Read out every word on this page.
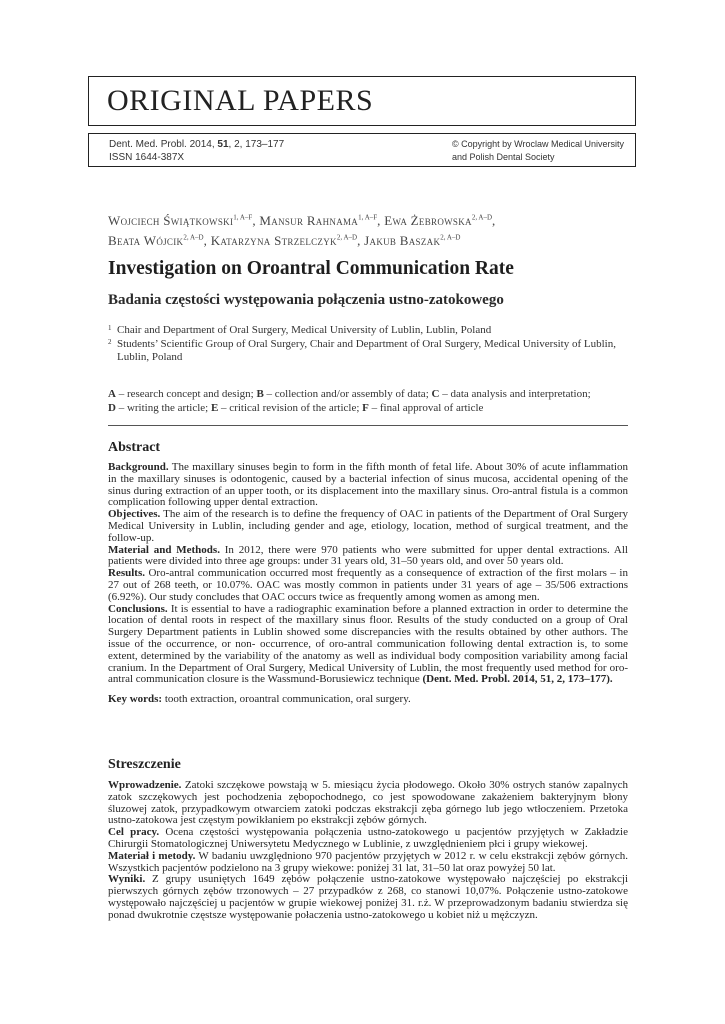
ORIGINAL PAPERS
Dent. Med. Probl. 2014, 51, 2, 173–177
ISSN 1644-387X
© Copyright by Wroclaw Medical University
and Polish Dental Society
Wojciech Świątkowski$^{1, A-F}$, Mansur Rahnama$^{1, A-F}$, Ewa Żebrowska$^{2, A-D}$,
Beata Wójcik$^{2, A-D}$, Katarzyna Strzelczyk$^{2, A-D}$, Jakub Baszak$^{2, A-D}$
Investigation on Oroantral Communication Rate
Badania częstości występowania połączenia ustno-zatokowego
1 Chair and Department of Oral Surgery, Medical University of Lublin, Lublin, Poland
2 Students’ Scientific Group of Oral Surgery, Chair and Department of Oral Surgery, Medical University of Lublin, Lublin, Poland
A – research concept and design; B – collection and/or assembly of data; C – data analysis and interpretation;
D – writing the article; E – critical revision of the article; F – final approval of article
Abstract

Background. The maxillary sinuses begin to form in the fifth month of fetal life. About 30% of acute inflammation in the maxillary sinuses is odontogenic, caused by a bacterial infection of sinus mucosa, accidental opening of the sinus during extraction of an upper tooth, or its displacement into the maxillary sinus. Oro-antral fistula is a common complication following upper dental extraction.

Objectives. The aim of the research is to define the frequency of OAC in patients of the Department of Oral Surgery Medical University in Lublin, including gender and age, etiology, location, method of surgical treatment, and the follow-up.

Material and Methods. In 2012, there were 970 patients who were submitted for upper dental extractions. All patients were divided into three age groups: under 31 years old, 31–50 years old, and over 50 years old.

Results. Oro-antral communication occurred most frequently as a consequence of extraction of the first molars – in 27 out of 268 teeth, or 10.07%. OAC was mostly common in patients under 31 years of age – 35/506 extractions (6.92%). Our study concludes that OAC occurs twice as frequently among women as among men.

Conclusions. It is essential to have a radiographic examination before a planned extraction in order to determine the location of dental roots in respect of the maxillary sinus floor. Results of the study conducted on a group of Oral Surgery Department patients in Lublin showed some discrepancies with the results obtained by other authors. The issue of the occurrence, or non- occurrence, of oro-antral communication following dental extraction is, to some extent, determined by the variability of the anatomy as well as individual body composition variability among facial cranium. In the Department of Oral Surgery, Medical University of Lublin, the most frequently used method for oro-antral communication closure is the Wassmund-Borusiewicz technique (Dent. Med. Probl. 2014, 51, 2, 173–177).

Key words: tooth extraction, oroantral communication, oral surgery.

Streszczenie

Wprowadzenie. Zatoki szczękowe powstają w 5. miesiącu życia płodowego. Około 30% ostrych stanów zapalnych zatok szczękowych jest pochodzenia zębopochodnego, co jest spowodowane zakażeniem bakteryjnym błony śluzowej zatok, przypadkowym otwarciem zatoki podczas ekstrakcji zęba górnego lub jego wtłoczeniem. Przetoka ustno-zatokowa jest częstym powikłaniem po ekstrakcji zębów górnych.

Cel pracy. Ocena częstości występowania połączenia ustno-zatokowego u pacjentów przyjętych w Zakładzie Chirurgii Stomatologicznej Uniwersytetu Medycznego w Lublinie, z uwzględnieniem płci i grupy wiekowej.

Materiał i metody. W badaniu uwzględniono 970 pacjentów przyjętych w 2012 r. w celu ekstrakcji zębów górnych. Wszystkich pacjentów podzielono na 3 grupy wiekowe: poniżej 31 lat, 31–50 lat oraz powyżej 50 lat.

Wyniki. Z grupy usuniętych 1649 zębów połączenie ustno-zatokowe występowało najczęściej po ekstrakcji pierwszych górnych zębów trzonowych – 27 przypadków z 268, co stanowi 10,07%. Połączenie ustno-zatokowe występowało najczęściej u pacjentów w grupie wiekowej poniżej 31. r.ż. W przeprowadzonym badaniu stwierdza się ponad dwukrotnie częstsze występowanie połaczenia ustno-zatokowego u kobiet niż u mężczyzn.
